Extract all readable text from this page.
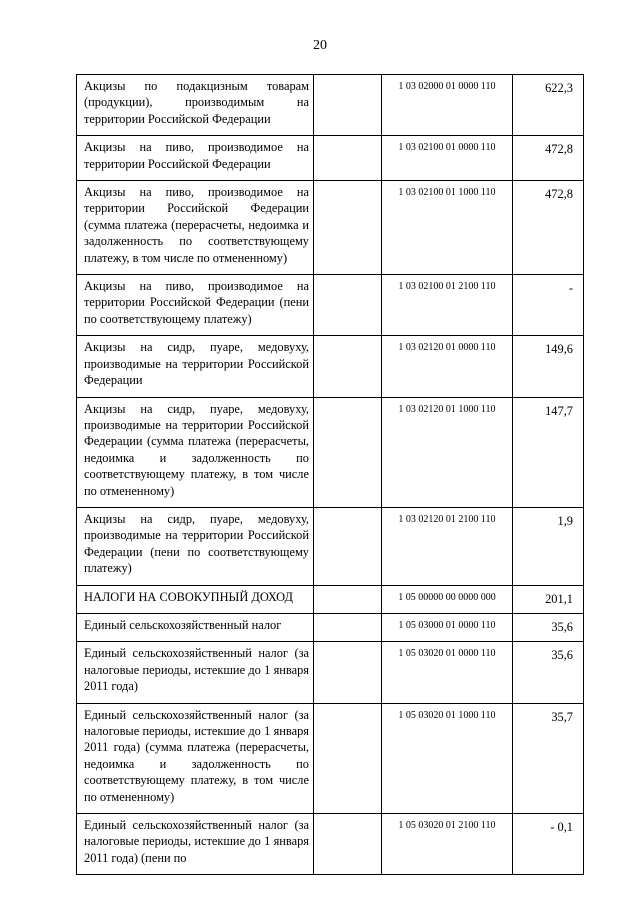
20
Акцизы по подакцизным товарам (продукции), производимым на территории Российской Федерации		1 03 02000 01 0000 110	622,3

Акцизы на пиво, производимое на территории Российской Федерации		1 03 02100 01 0000 110	472,8

Акцизы на пиво, производимое на территории Российской Федерации (сумма платежа (перерасчеты, недоимка и задолженность по соответствующему платежу, в том числе по отмененному)		1 03 02100 01 1000 110	472,8

Акцизы на пиво, производимое на территории Российской Федерации (пени по соответствующему платежу)		1 03 02100 01 2100 110	-

Акцизы на сидр, пуаре, медовуху, производимые на территории Российской Федерации		1 03 02120 01 0000 110	149,6

Акцизы на сидр, пуаре, медовуху, производимые на территории Российской Федерации (сумма платежа (перерасчеты, недоимка и задолженность по соответствующему платежу, в том числе по отмененному)		1 03 02120 01 1000 110	147,7

Акцизы на сидр, пуаре, медовуху, производимые на территории Российской Федерации (пени по соответствующему платежу)		1 03 02120 01 2100 110	1,9

НАЛОГИ НА СОВОКУПНЫЙ ДОХОД		1 05 00000 00 0000 000	201,1

Единый сельскохозяйственный налог		1 05 03000 01 0000 110	35,6

Единый сельскохозяйственный налог (за налоговые периоды, истекшие до 1 января 2011 года)		1 05 03020 01 0000 110	35,6

Единый сельскохозяйственный налог (за налоговые периоды, истекшие до 1 января 2011 года) (сумма платежа (перерасчеты, недоимка и задолженность по соответствующему платежу, в том числе по отмененному)		1 05 03020 01 1000 110	35,7

Единый сельскохозяйственный налог (за налоговые периоды, истекшие до 1 января 2011 года) (пени по		1 05 03020 01 2100 110	- 0,1
